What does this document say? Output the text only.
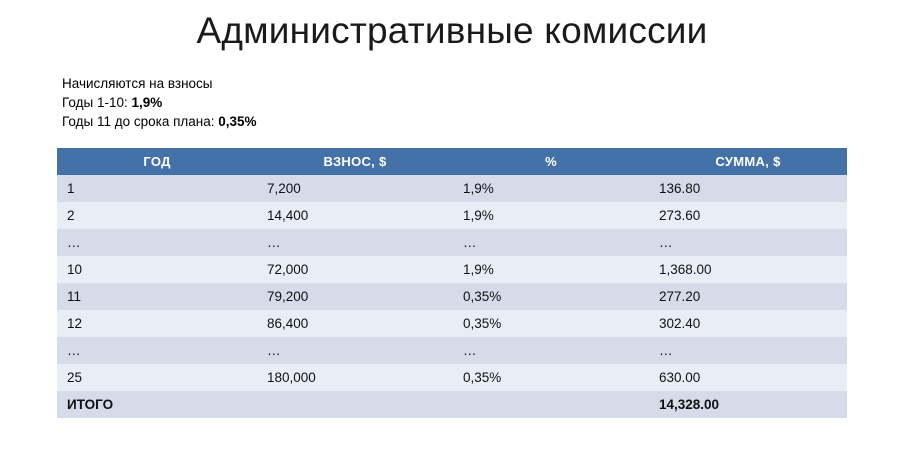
Административные комиссии
Начисляются на взносы
Годы 1-10: 1,9%
Годы 11 до срока плана: 0,35%
ГОД	ВЗНОС, $	%	СУММА, $
1	7,200	1,9%	136.80
2	14,400	1,9%	273.60
…	…	…	…
10	72,000	1,9%	1,368.00
11	79,200	0,35%	277.20
12	86,400	0,35%	302.40
…	…	…	…
25	180,000	0,35%	630.00
ИТОГО			14,328.00
